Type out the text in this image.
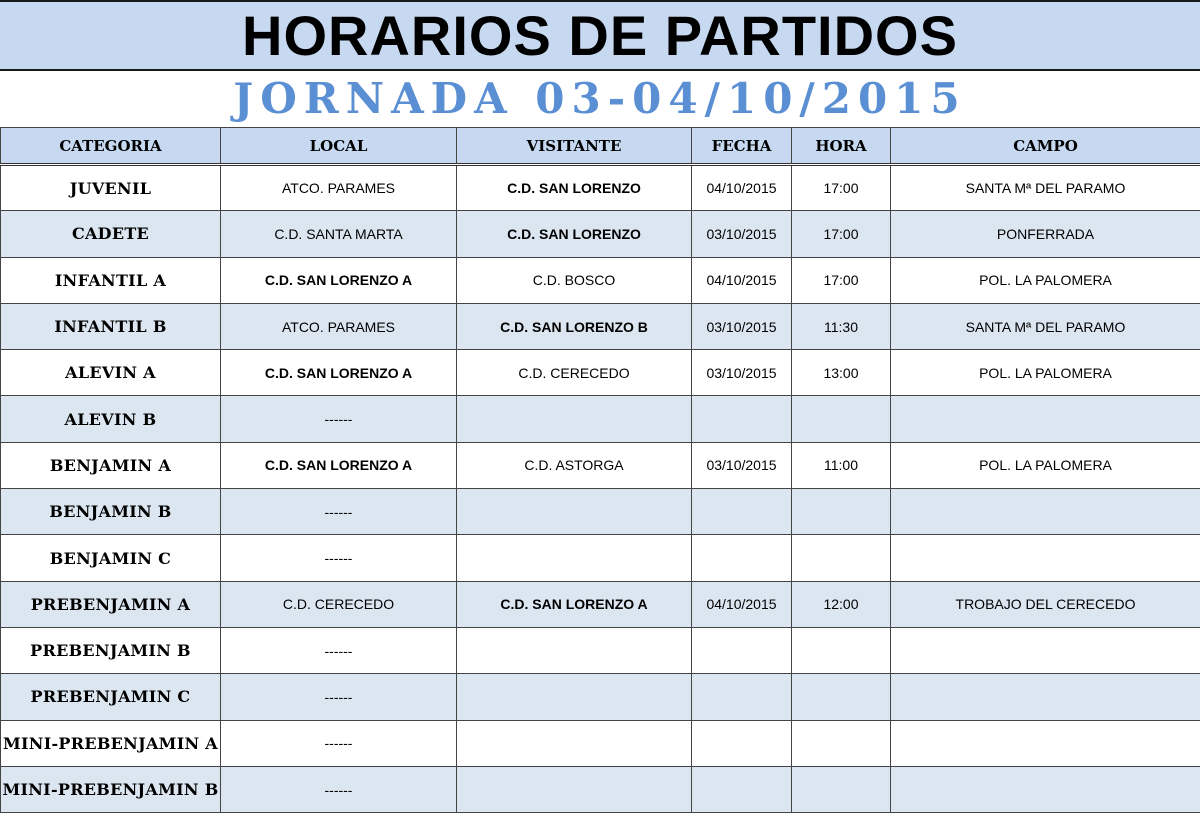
HORARIOS DE PARTIDOS
JORNADA 03-04/10/2015
CATEGORIA	LOCAL	VISITANTE	FECHA	HORA	CAMPO
JUVENIL	ATCO. PARAMES	C.D. SAN LORENZO	04/10/2015	17:00	SANTA Mª DEL PARAMO
CADETE	C.D. SANTA MARTA	C.D. SAN LORENZO	03/10/2015	17:00	PONFERRADA
INFANTIL A	C.D. SAN LORENZO A	C.D. BOSCO	04/10/2015	17:00	POL. LA PALOMERA
INFANTIL B	ATCO. PARAMES	C.D. SAN LORENZO B	03/10/2015	11:30	SANTA Mª DEL PARAMO
ALEVIN A	C.D. SAN LORENZO A	C.D. CERECEDO	03/10/2015	13:00	POL. LA PALOMERA
ALEVIN B	------				
BENJAMIN A	C.D. SAN LORENZO A	C.D. ASTORGA	03/10/2015	11:00	POL. LA PALOMERA
BENJAMIN B	------				
BENJAMIN C	------				
PREBENJAMIN A	C.D. CERECEDO	C.D. SAN LORENZO A	04/10/2015	12:00	TROBAJO DEL CERECEDO
PREBENJAMIN B	------				
PREBENJAMIN C	------				
MINI-PREBENJAMIN A	------				
MINI-PREBENJAMIN B	------				
